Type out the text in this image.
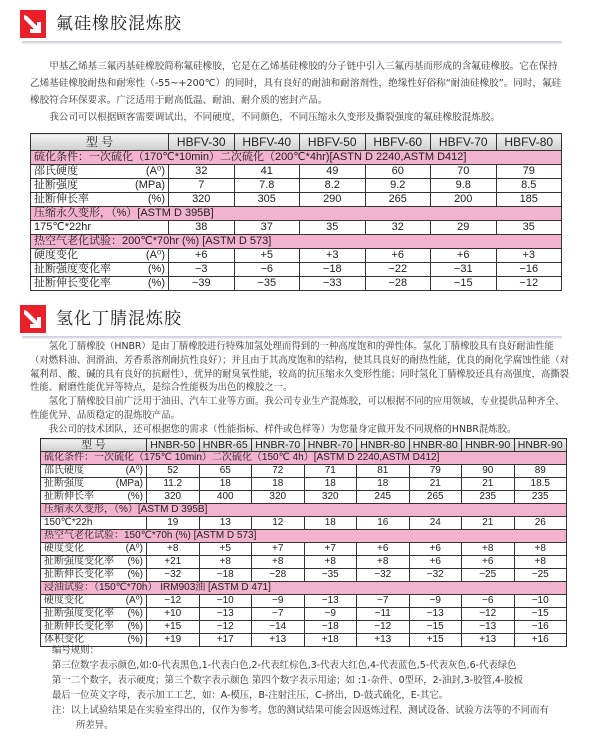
氟硅橡胶混炼胶

甲基乙烯基三氟丙基硅橡胶简称氟硅橡胶，它是在乙烯基硅橡胶的分子链中引入三氟丙基而形成的含氟硅橡胶。它在保持乙烯基硅橡胶耐热和耐寒性（-55~+200℃）的同时，具有良好的耐油和耐溶剂性，绝缘性好俗称“耐油硅橡胶”。同时，氟硅橡胶符合环保要求。广泛适用于耐高低温、耐油、耐介质的密封产品。

我公司可以根据顾客需要调试出，不同硬度，不同颜色，不同压缩永久变形及撕裂强度的氟硅橡胶混炼胶。

型 号	HBFV-30	HBFV-40	HBFV-50	HBFV-60	HBFV-70	HBFV-80
硫化条件：一次硫化（170℃*10min）二次硫化（200℃*4hr)[ASTN D 2240,ASTM D412]						

邵氏硬度 (A⁰)	32	41	49	60	70	79

扯断强度 (MPa)	7	7.8	8.2	9.2	9.8	8.5

扯断伸长率 (%)	320	305	290	265	200	185
压缩永久变形，（%）[ASTM D 395B]						

175℃*22hr	38	37	35	32	29	35
热空气老化试验：200℃*70hr (%) [ASTM D 573]						

硬度变化 (A⁰)	+6	+5	+3	+6	+6	+3

扯断强度变化率 (%)	−3	−6	−18	−22	−31	−16

扯断伸长变化率 (%)	−39	−35	−33	−28	−15	−12
氢化丁腈混炼胶

氢化丁腈橡胶（HNBR）是由丁腈橡胶进行特殊加氢处理而得到的一种高度饱和的弹性体。氢化丁腈橡胶具有良好耐油性能（对燃料油、润滑油、芳香系溶剂耐抗性良好）；并且由于其高度饱和的结构，使其具良好的耐热性能，优良的耐化学腐蚀性能（对氟利昂、酸、碱的具有良好的抗耐性），优异的耐臭氧性能，较高的抗压缩永久变形性能；同时氢化丁腈橡胶还具有高强度，高撕裂性能、耐磨性能优异等特点，是综合性能极为出色的橡胶之一。

氢化丁腈橡胶目前广泛用于油田、汽车工业等方面。我公司专业生产混炼胶，可以根据不同的应用领域，专业提供品种齐全、性能优异、品质稳定的混炼胶产品。

我公司的技术团队，还可根据您的需求（性能指标、样件或色样等）为您量身定做开发不同规格的HNBR混炼胶。

型 号	HNBR-50	HNBR-65	HNBR-70	HNBR-70	HNBR-80	HNBR-80	HNBR-90	HNBR-90
硫化条件：一次硫化（175℃ 10min）二次硫化（150℃ 4h）[ASTM D 2240,ASTM D412]								

邵氏硬度 (A⁰)	52	65	72	71	81	79	90	89

扯断强度 (MPa)	11.2	18	18	18	18	21	21	18.5

扯断伸长率 (%)	320	400	320	320	245	265	235	235
压缩永久变形，（%）[ASTM D 395B]								

150℃*22h	19	13	12	18	16	24	21	26
热空气老化试验：150℃*70h (%) [ASTM D 573]								

硬度变化 (A⁰)	+8	+5	+7	+7	+6	+6	+8	+8

扯断强度变化率 (%)	+21	+8	+8	+8	+8	+6	+6	+8

扯断伸长变化率 (%)	−32	−18	−28	−35	−32	−32	−25	−25
浸油试验：（150℃*70h） IRM903油 [ASTM D 471]								

硬度变化 (A⁰)	−12	−10	−9	−13	−7	−9	−6	−10

扯断强度变化率 (%)	+10	−13	−7	−9	−11	−13	−12	−15

扯断伸长变化率 (%)	+15	−12	−14	−18	−12	−15	−13	−16

体积变化 (%)	+19	+17	+13	+18	+13	+15	+13	+16
编号规则：
第三位数字表示颜色,如:0-代表黑色,1-代表白色,2-代表红棕色,3-代表大红色,4-代表蓝色,5-代表灰色,6-代表绿色
第一二个数字，表示硬度；第三个数字表示颜色 第四个数字表示用途；如 :1-杂件、0型环，2-油封,3-胶管,4-胶板
最后一位英文字母，表示加工工艺，如：A-模压，B-注射注压，C-挤出，D-鼓式硫化，E-其它。
注：以上试验结果是在实验室得出的，仅作为参考。您的测试结果可能会因返炼过程、测试设备、试验方法等的不同而有
所差异。
